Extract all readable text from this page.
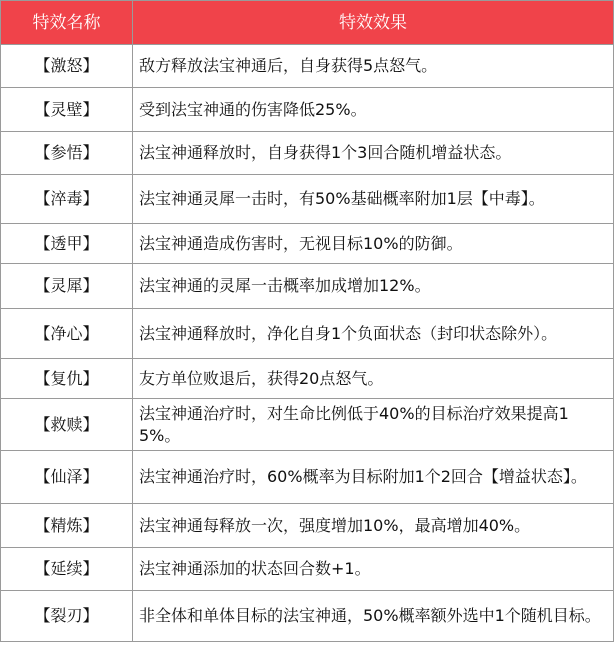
特效名称	特效效果
【激怒】	敌方释放法宝神通后，自身获得5点怒气。
【灵壁】	受到法宝神通的伤害降低25%。
【参悟】	法宝神通释放时，自身获得1个3回合随机增益状态。
【淬毒】	法宝神通灵犀一击时，有50%基础概率附加1层【中毒】。
【透甲】	法宝神通造成伤害时，无视目标10%的防御。
【灵犀】	法宝神通的灵犀一击概率加成增加12%。
【净心】	法宝神通释放时，净化自身1个负面状态（封印状态除外）。
【复仇】	友方单位败退后，获得20点怒气。
【救赎】	法宝神通治疗时，对生命比例低于40%的目标治疗效果提高15%。
【仙泽】	法宝神通治疗时，60%概率为目标附加1个2回合【增益状态】。
【精炼】	法宝神通每释放一次，强度增加10%，最高增加40%。
【延续】	法宝神通添加的状态回合数+1。
【裂刃】	非全体和单体目标的法宝神通，50%概率额外选中1个随机目标。
